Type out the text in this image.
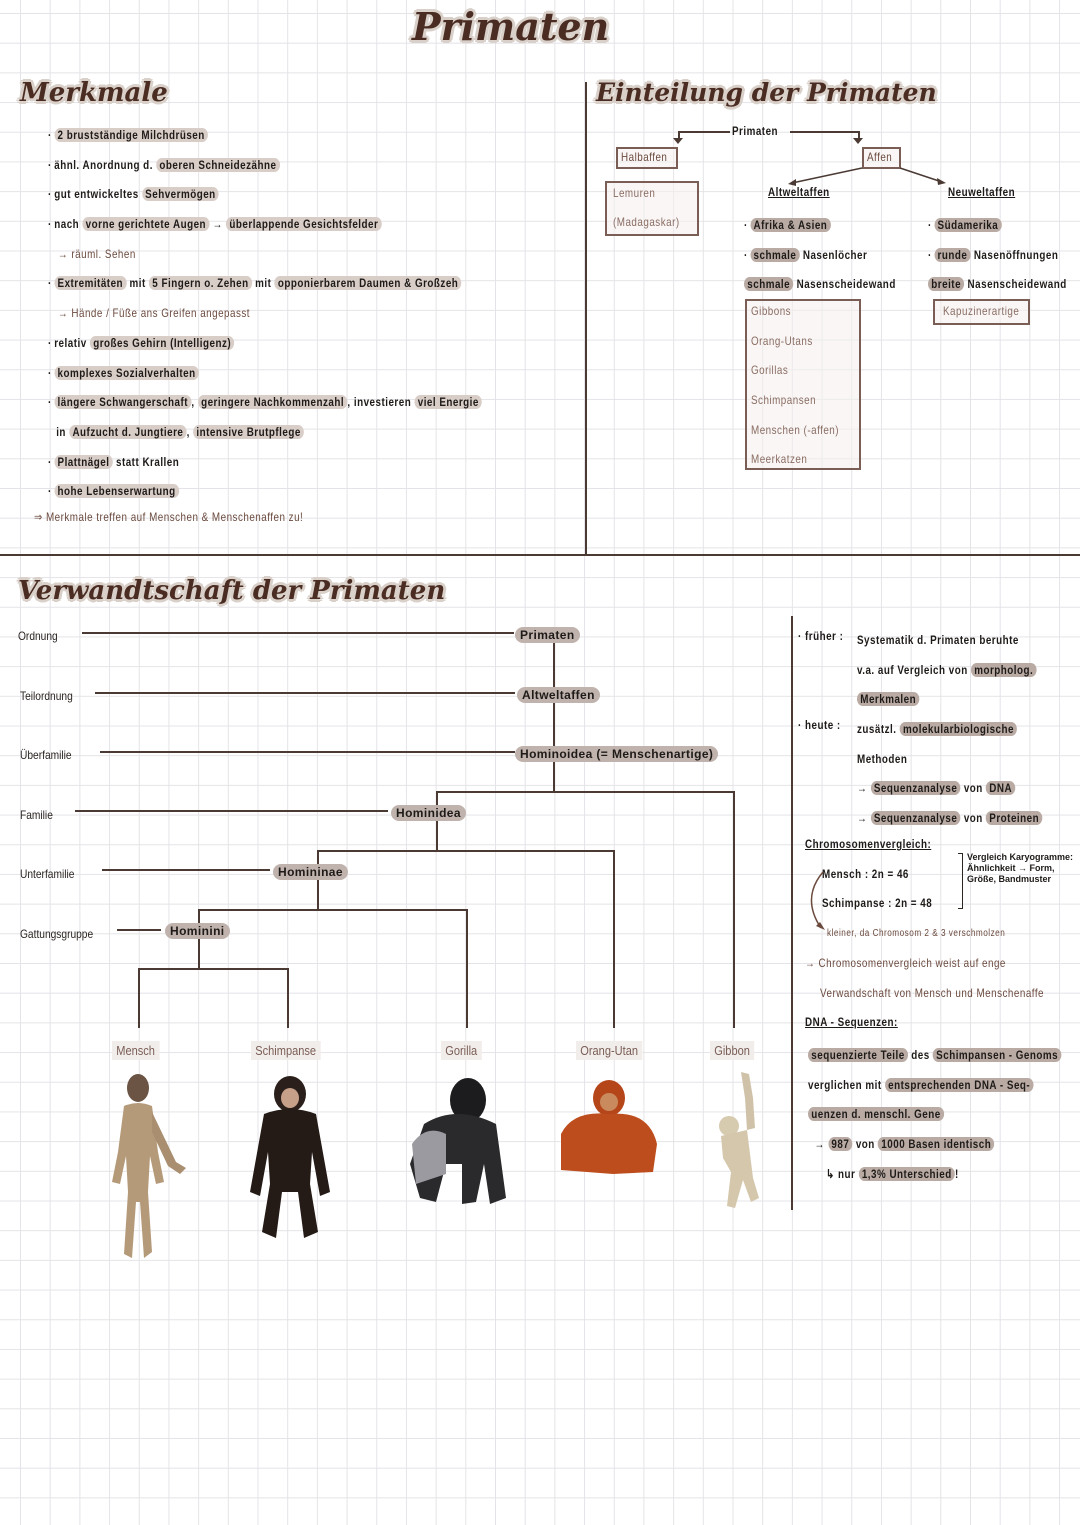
Primaten
Merkmale
· 2 brustständige Milchdrüsen
· ähnl. Anordnung d. oberen Schneidezähne
· gut entwickeltes Sehvermögen
· nach vorne gerichtete Augen → überlappende Gesichtsfelder
→ räuml. Sehen
· Extremitäten mit 5 Fingern o. Zehen mit opponierbarem Daumen & Großzeh
→ Hände / Füße ans Greifen angepasst
· relativ großes Gehirn (Intelligenz)
· komplexes Sozialverhalten
· längere Schwangerschaft , geringere Nachkommenzahl , investieren viel Energie
in Aufzucht d. Jungtiere , intensive Brutpflege
· Plattnägel statt Krallen
· hohe Lebenserwartung
⇒ Merkmale treffen auf Menschen & Menschenaffen zu!
Einteilung der Primaten
Primaten
Halbaffen
Lemuren
(Madagaskar)
Affen
Altweltaffen	Neuweltaffen
· Afrika & Asien
· schmale Nasenlöcher
schmale Nasenscheidewand
· Südamerika
· runde Nasenöffnungen
breite Nasenscheidewand
Gibbons
Orang-Utans
Gorillas
Schimpansen
Menschen (-affen)
Meerkatzen
Kapuzinerartige
Verwandtschaft der Primaten
Ordnung
Teilordnung
Überfamilie
Familie
Unterfamilie
Gattungsgruppe
Primaten
Altweltaffen
Hominoidea (= Menschenartige)
Hominidea
Homininae
Hominini
Mensch	Schimpanse	Gorilla	Orang-Utan	Gibbon
· früher : Systematik d. Primaten beruhte
v.a. auf Vergleich von morpholog.
Merkmalen
· heute : zusätzl. molekularbiologische
Methoden
→ Sequenzanalyse von DNA
→ Sequenzanalyse von Proteinen
Chromosomenvergleich:
Mensch : 2n = 46
Schimpanse : 2n = 48
Vergleich Karyogramme:
Ähnlichkeit → Form,
Größe, Bandmuster
kleiner, da Chromosom 2 & 3 verschmolzen
→ Chromosomenvergleich weist auf enge
Verwandschaft von Mensch und Menschenaffe
DNA - Sequenzen:
sequenzierte Teile des Schimpansen - Genoms
verglichen mit entsprechenden DNA - Seq-
uenzen d. menschl. Gene
→ 987 von 1000 Basen identisch
↳ nur 1,3% Unterschied !
